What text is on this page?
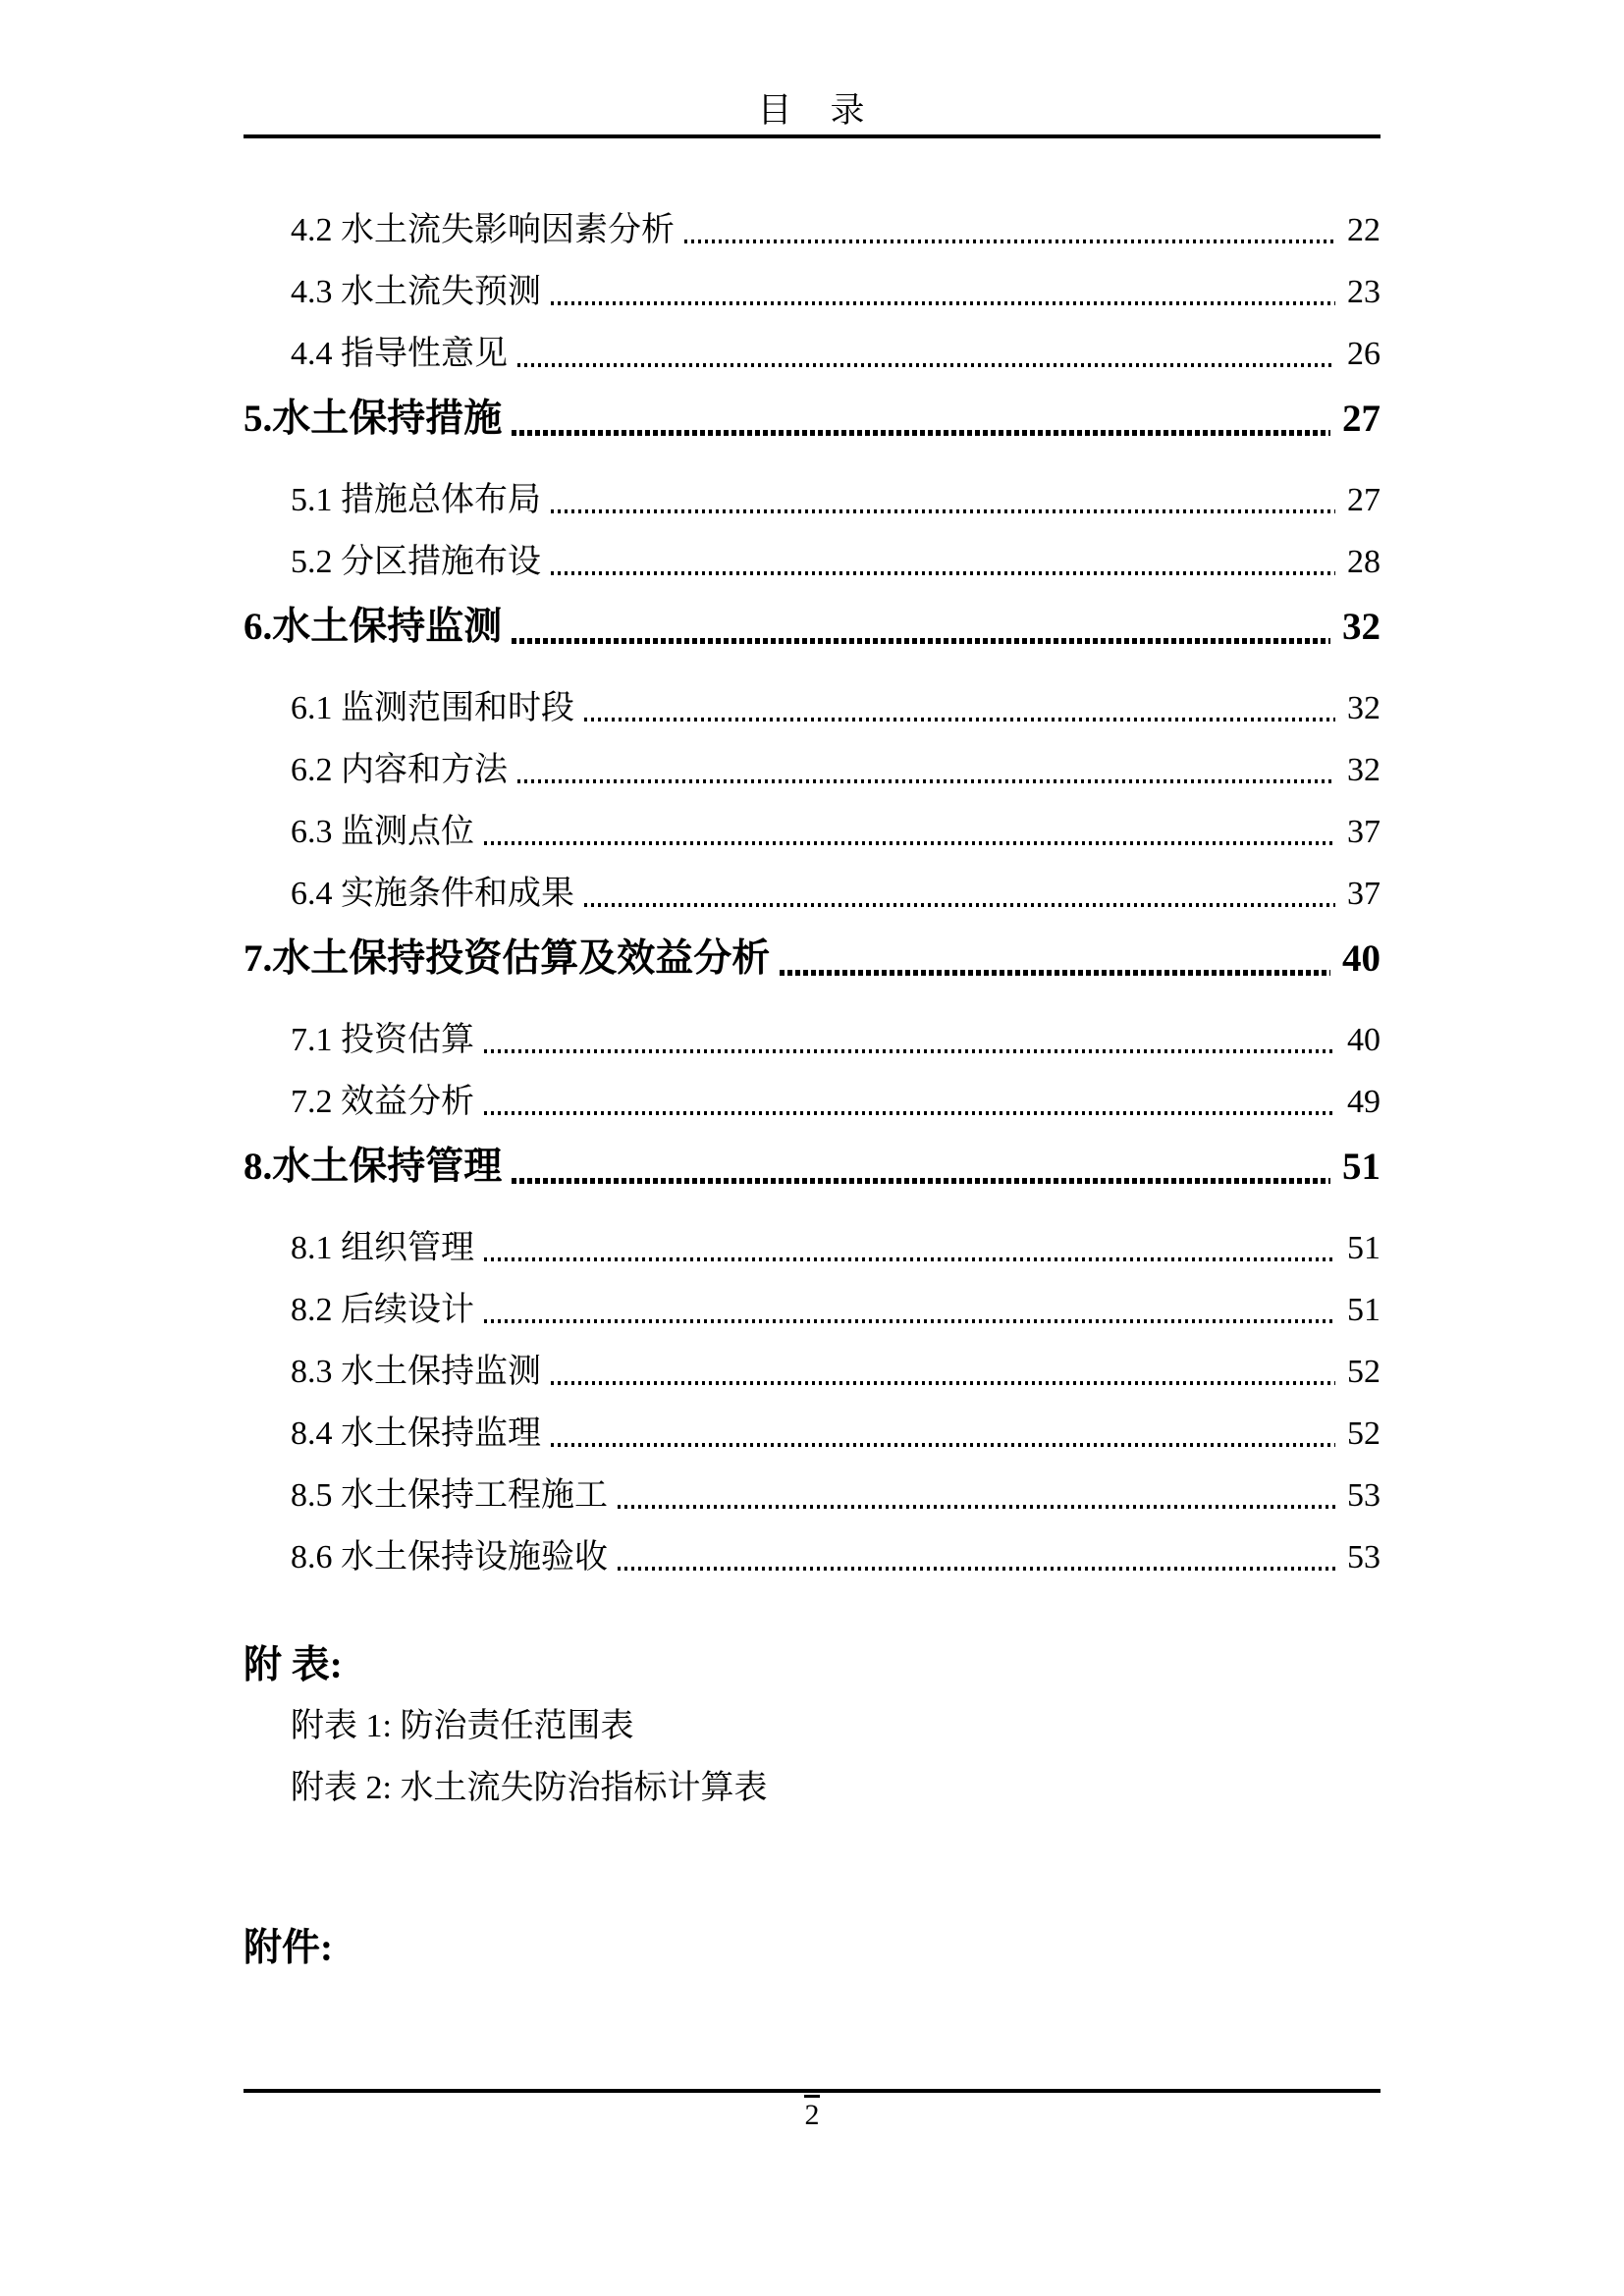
目　录
4.2 水土流失影响因素分析	22
4.3 水土流失预测	23
4.4 指导性意见	26
5.水土保持措施	27
5.1 措施总体布局	27
5.2 分区措施布设	28
6.水土保持监测	32
6.1 监测范围和时段	32
6.2 内容和方法	32
6.3 监测点位	37
6.4 实施条件和成果	37
7.水土保持投资估算及效益分析	40
7.1 投资估算	40
7.2 效益分析	49
8.水土保持管理	51
8.1 组织管理	51
8.2 后续设计	51
8.3 水土保持监测	52
8.4 水土保持监理	52
8.5 水土保持工程施工	53
8.6 水土保持设施验收	53
附 表:
附表 1: 防治责任范围表
附表 2: 水土流失防治指标计算表
附件:
2
